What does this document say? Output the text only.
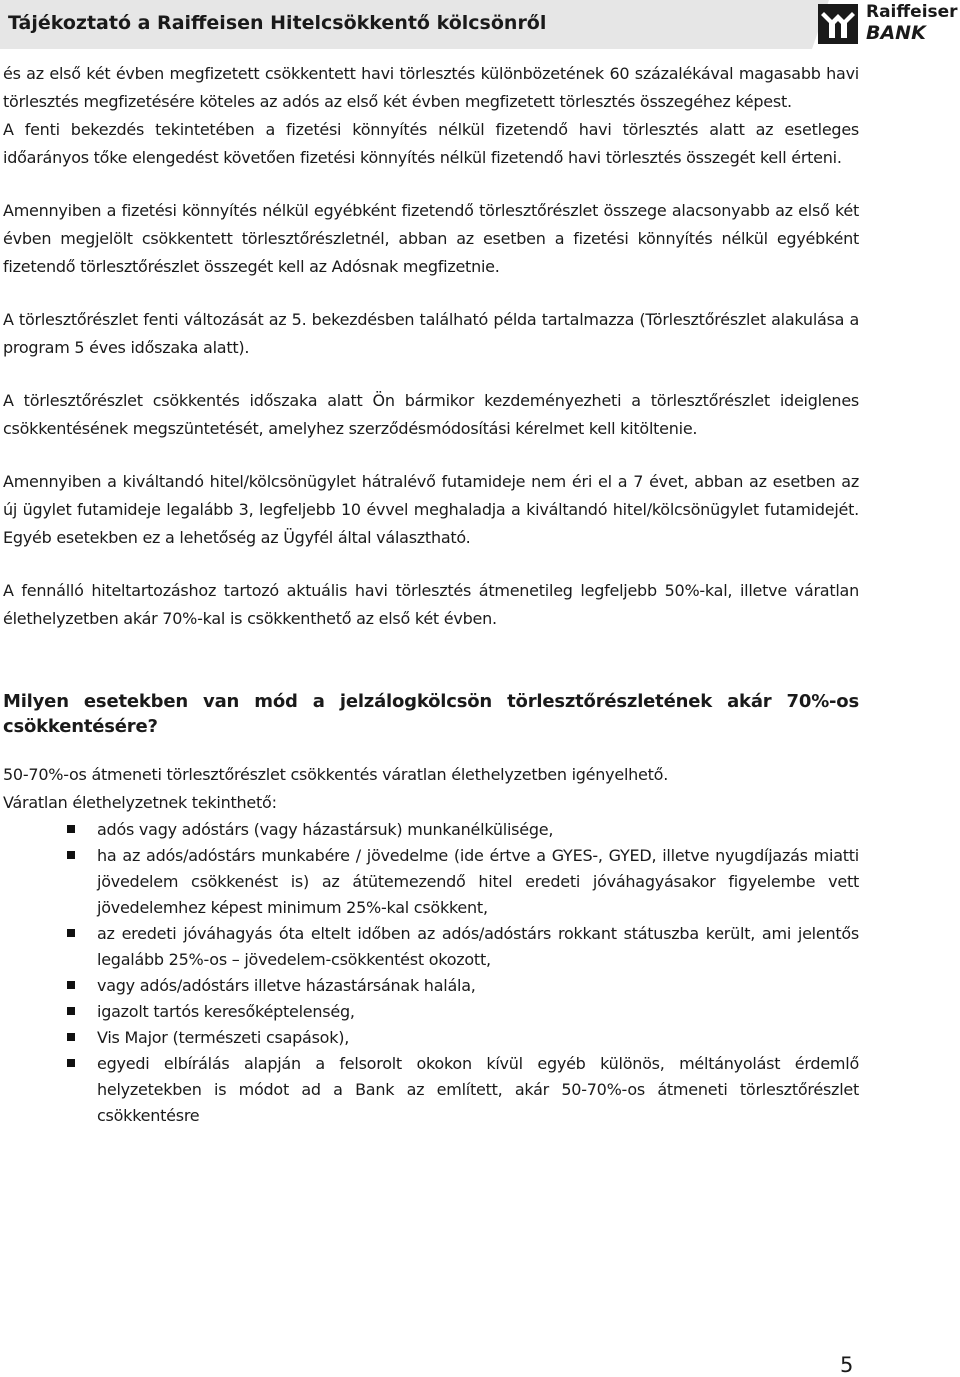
Tájékoztató a Raiffeisen Hitelcsökkentő kölcsönről	Raiffeiser
BANK

és az első két évben megfizetett csökkentett havi törlesztés különbözetének 60 százalékával magasabb havi törlesztés megfizetésére köteles az adós az első két évben megfizetett törlesztés összegéhez képest.

A fenti bekezdés tekintetében a fizetési könnyítés nélkül fizetendő havi törlesztés alatt az esetleges időarányos tőke elengedést követően fizetési könnyítés nélkül fizetendő havi törlesztés összegét kell érteni.

Amennyiben a fizetési könnyítés nélkül egyébként fizetendő törlesztőrészlet összege alacsonyabb az első két évben megjelölt csökkentett törlesztőrészletnél, abban az esetben a fizetési könnyítés nélkül egyébként fizetendő törlesztőrészlet összegét kell az Adósnak megfizetnie.

A törlesztőrészlet fenti változását az 5. bekezdésben található példa tartalmazza (Törlesztőrészlet alakulása a program 5 éves időszaka alatt).

A törlesztőrészlet csökkentés időszaka alatt Ön bármikor kezdeményezheti a törlesztőrészlet ideiglenes csökkentésének megszüntetését, amelyhez szerződésmódosítási kérelmet kell kitöltenie.

Amennyiben a kiváltandó hitel/kölcsönügylet hátralévő futamideje nem éri el a 7 évet, abban az esetben az új ügylet futamideje legalább 3, legfeljebb 10 évvel meghaladja a kiváltandó hitel/kölcsönügylet futamidejét. Egyéb esetekben ez a lehetőség az Ügyfél által választható.

A fennálló hiteltartozáshoz tartozó aktuális havi törlesztés átmenetileg legfeljebb 50%-kal, illetve váratlan élethelyzetben akár 70%-kal is csökkenthető az első két évben.

Milyen esetekben van mód a jelzálogkölcsön törlesztőrészletének akár 70%-os csökkentésére?

50-70%-os átmeneti törlesztőrészlet csökkentés váratlan élethelyzetben igényelhető.

Váratlan élethelyzetnek tekinthető:

adós vagy adóstárs (vagy házastársuk) munkanélkülisége,
ha az adós/adóstárs munkabére / jövedelme (ide értve a GYES-, GYED, illetve nyugdíjazás miatti jövedelem csökkenést is) az átütemezendő hitel eredeti jóváhagyásakor figyelembe vett jövedelemhez képest minimum 25%-kal csökkent,
az eredeti jóváhagyás óta eltelt időben az adós/adóstárs rokkant státuszba került, ami jelentős legalább 25%-os – jövedelem-csökkentést okozott,
vagy adós/adóstárs illetve házastársának halála,
igazolt tartós keresőképtelenség,
Vis Major (természeti csapások),
egyedi elbírálás alapján a felsorolt okokon kívül egyéb különös, méltányolást érdemlő helyzetekben is módot ad a Bank az említett, akár 50-70%-os átmeneti törlesztőrészlet csökkentésre
5
